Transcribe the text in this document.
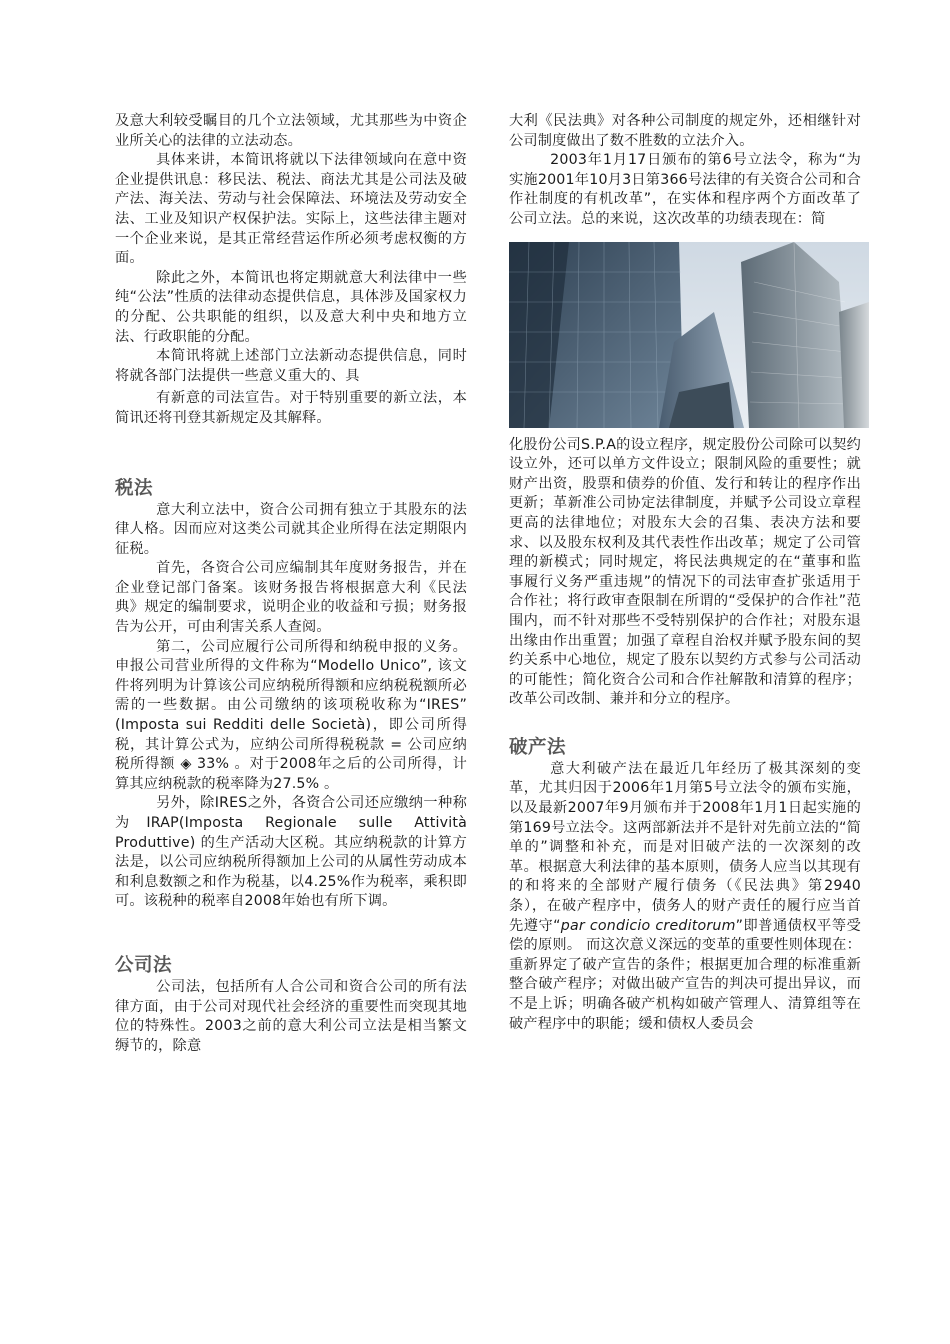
及意大利较受瞩目的几个立法领域，尤其那些为中资企业所关心的法律的立法动态。

具体来讲，本简讯将就以下法律领域向在意中资企业提供讯息：移民法、税法、商法尤其是公司法及破产法、海关法、劳动与社会保障法、环境法及劳动安全法、工业及知识产权保护法。实际上，这些法律主题对一个企业来说，是其正常经营运作所必须考虑权衡的方面。

除此之外，本简讯也将定期就意大利法律中一些纯“公法”性质的法律动态提供信息，具体涉及国家权力的分配、公共职能的组织，以及意大利中央和地方立法、行政职能的分配。

本简讯将就上述部门立法新动态提供信息，同时将就各部门法提供一些意义重大的、具

有新意的司法宣告。对于特别重要的新立法，本简讯还将刊登其新规定及其解释。

税法

意大利立法中，资合公司拥有独立于其股东的法律人格。因而应对这类公司就其企业所得在法定期限内征税。

首先，各资合公司应编制其年度财务报告，并在企业登记部门备案。该财务报告将根据意大利《民法典》规定的编制要求，说明企业的收益和亏损；财务报告为公开，可由利害关系人查阅。

第二，公司应履行公司所得和纳税申报的义务。申报公司营业所得的文件称为“Modello Unico”, 该文件将列明为计算该公司应纳税所得额和应纳税税额所必需的一些数据。由公司缴纳的该项税收称为“IRES” (Imposta sui Redditi delle Società)，即公司所得税，其计算公式为，应纳公司所得税税款 = 公司应纳税所得额 ◈ 33% 。对于2008年之后的公司所得，计算其应纳税款的税率降为27.5% 。

另外，除IRES之外，各资合公司还应缴纳一种称为IRAP(Imposta Regionale sulle Attività Produttive) 的生产活动大区税。其应纳税款的计算方法是，以公司应纳税所得额加上公司的从属性劳动成本和利息数额之和作为税基，以4.25%作为税率，乘积即可。该税种的税率自2008年始也有所下调。

公司法

公司法，包括所有人合公司和资合公司的所有法律方面，由于公司对现代社会经济的重要性而突现其地位的特殊性。2003之前的意大利公司立法是相当繁文缛节的，除意

大利《民法典》对各种公司制度的规定外，还相继针对公司制度做出了数不胜数的立法介入。

2003年1月17日颁布的第6号立法令，称为“为实施2001年10月3日第366号法律的有关资合公司和合作社制度的有机改革”，在实体和程序两个方面改革了公司立法。总的来说，这次改革的功绩表现在：简

化股份公司S.P.A的设立程序，规定股份公司除可以契约设立外，还可以单方文件设立；限制风险的重要性；就财产出资，股票和债券的价值、发行和转让的程序作出更新；革新准公司协定法律制度，并赋予公司设立章程更高的法律地位；对股东大会的召集、表决方法和要求、以及股东权利及其代表性作出改革；规定了公司管理的新模式；同时规定，将民法典规定的在“董事和监事履行义务严重违规”的情况下的司法审查扩张适用于合作社；将行政审查限制在所谓的“受保护的合作社”范围内，而不针对那些不受特别保护的合作社；对股东退出缘由作出重置；加强了章程自治权并赋予股东间的契约关系中心地位，规定了股东以契约方式参与公司活动的可能性；简化资合公司和合作社解散和清算的程序；改革公司改制、兼并和分立的程序。

破产法

意大利破产法在最近几年经历了极其深刻的变革，尤其归因于2006年1月第5号立法令的颁布实施，以及最新2007年9月颁布并于2008年1月1日起实施的第169号立法令。这两部新法并不是针对先前立法的“简单的”调整和补充，而是对旧破产法的一次深刻的改革。根据意大利法律的基本原则，债务人应当以其现有的和将来的全部财产履行债务（《民法典》第2940条），在破产程序中，债务人的财产责任的履行应当首先遵守“par condicio creditorum”即普通债权平等受偿的原则。 而这次意义深远的变革的重要性则体现在：重新界定了破产宣告的条件；根据更加合理的标准重新整合破产程序；对做出破产宣告的判决可提出异议，而不是上诉；明确各破产机构如破产管理人、清算组等在破产程序中的职能；缓和债权人委员会
